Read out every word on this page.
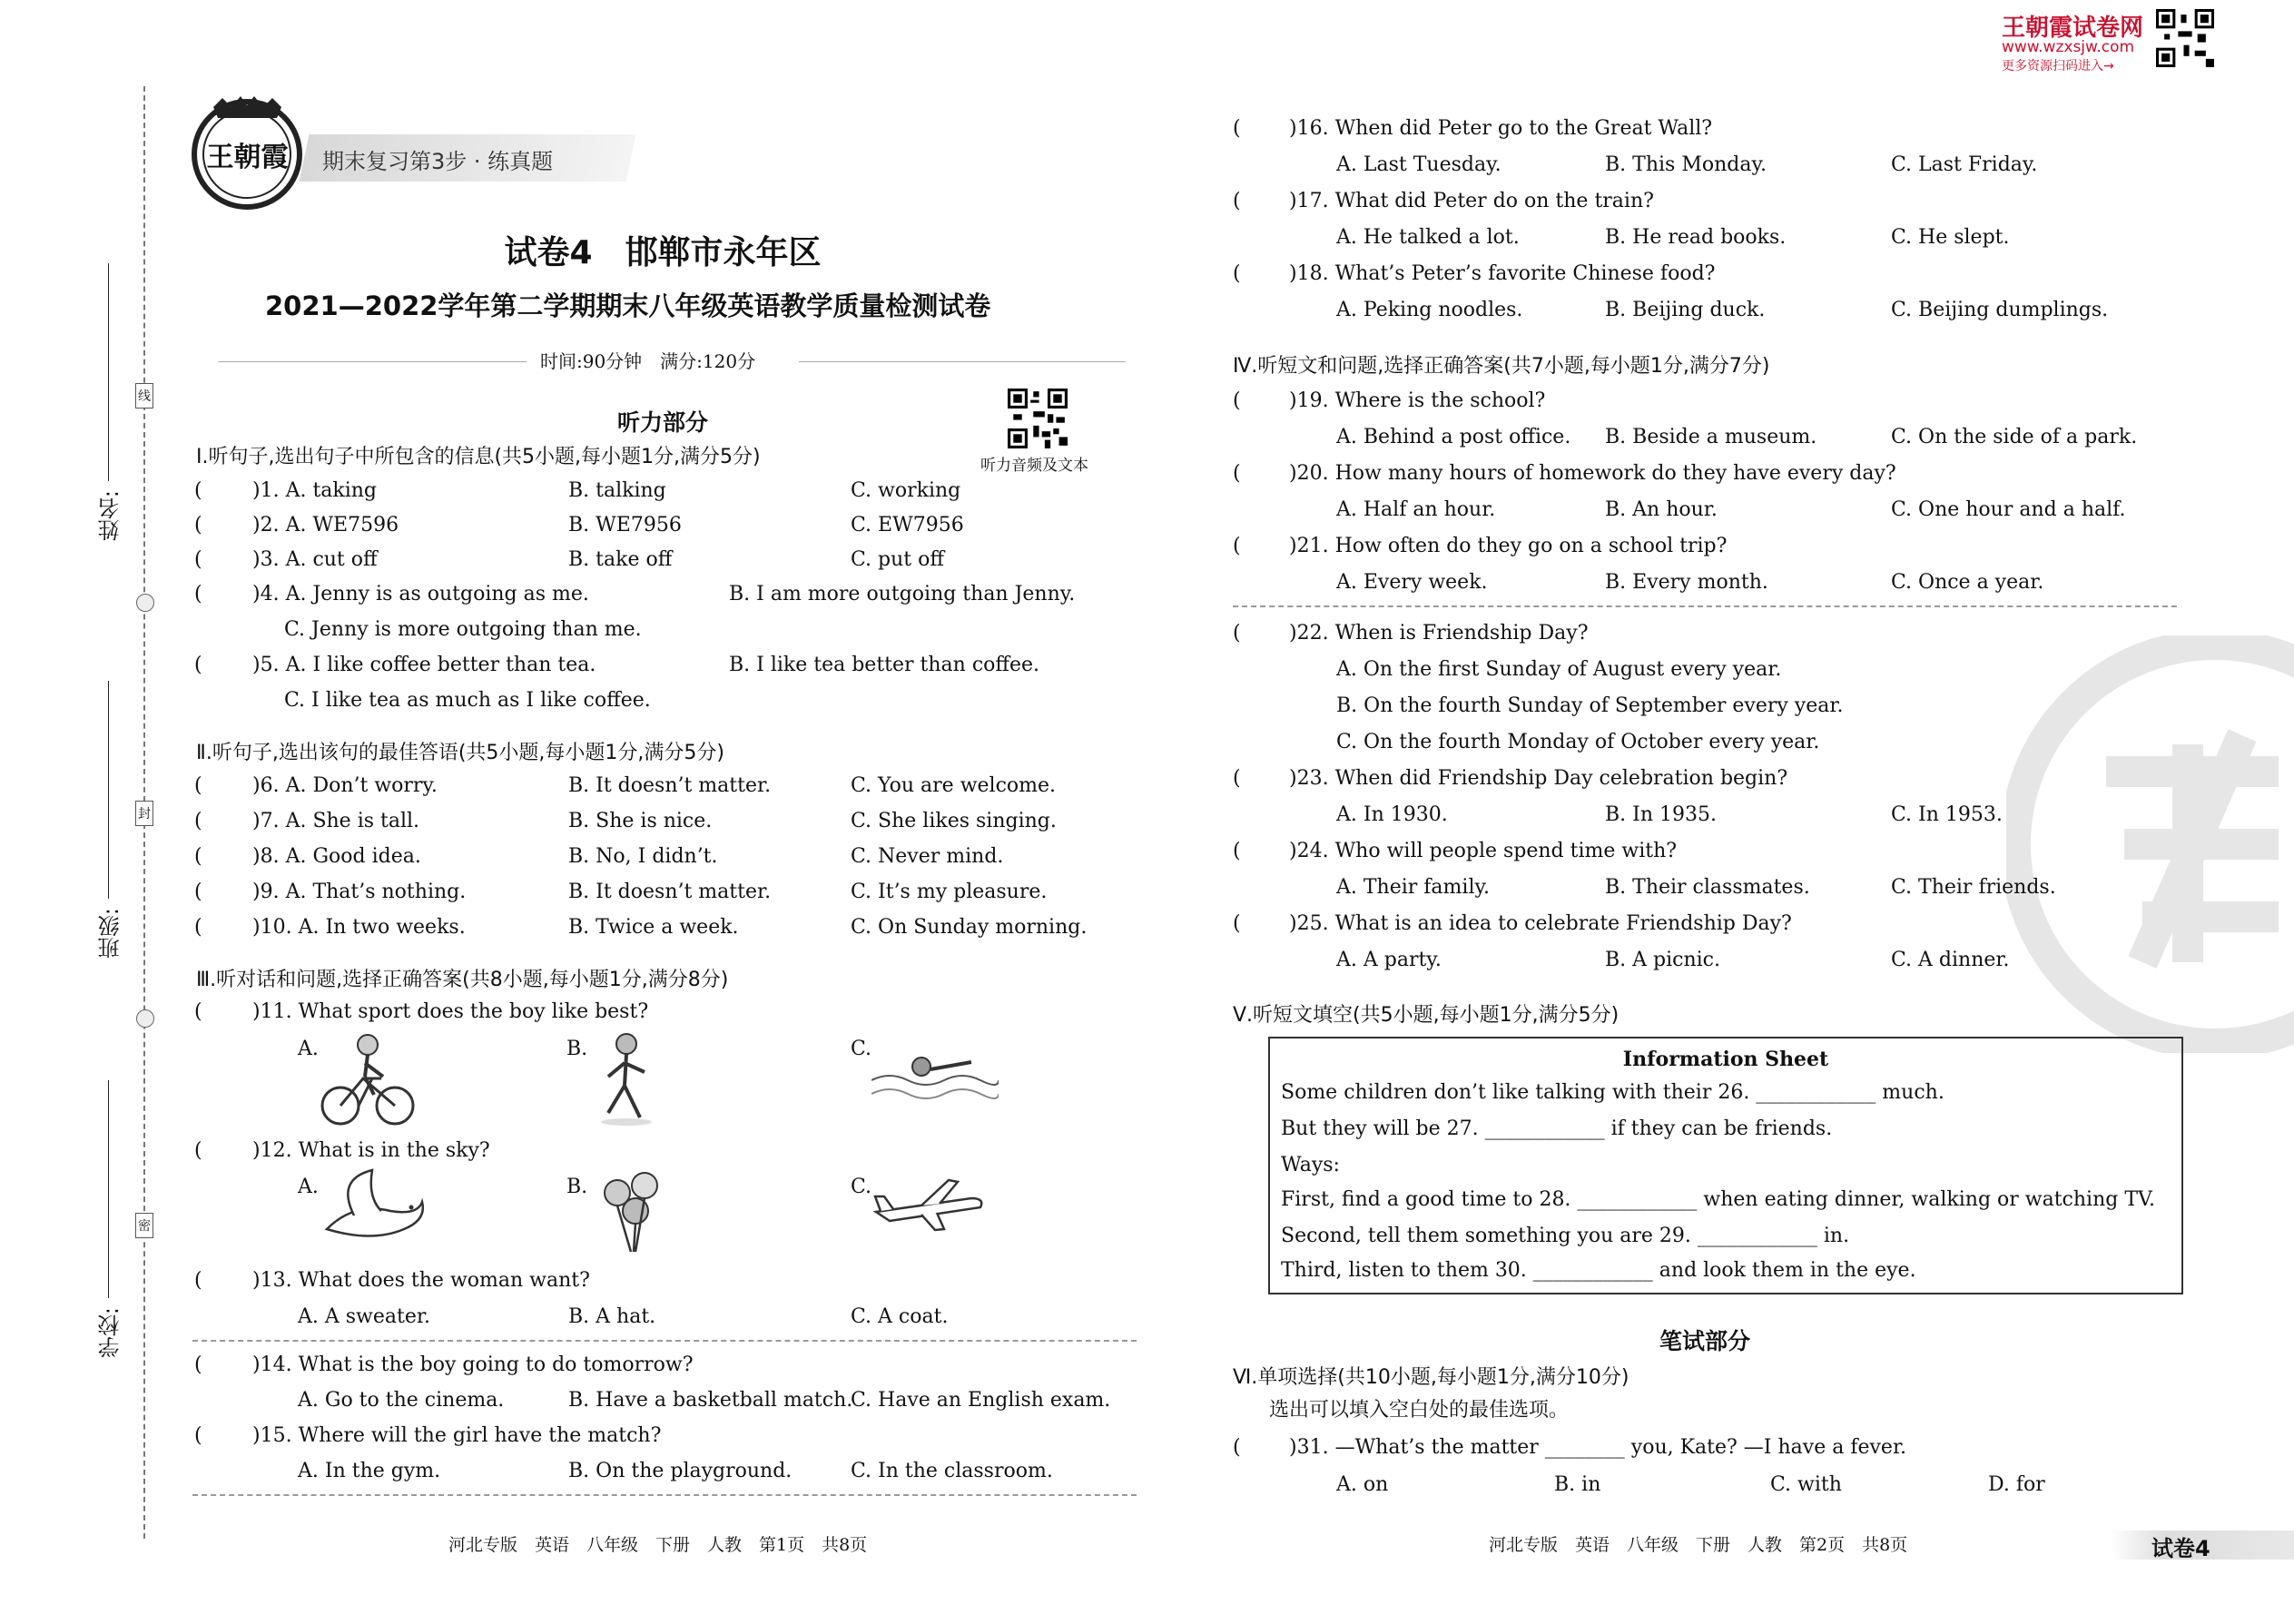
线
封
密
姓名:
班级:
学校:
王朝霞	期末复习第3步 · 练真题
试卷4　邯郸市永年区
2021—2022学年第二学期期末八年级英语教学质量检测试卷
时间:90分钟　满分:120分
听力部分
听力音频及文本
Ⅰ.听句子,选出句子中所包含的信息(共5小题,每小题1分,满分5分)
(	)1. A. taking	B. talking	C. working
(	)2. A. WE7596	B. WE7956	C. EW7956
(	)3. A. cut off	B. take off	C. put off
(	)4. A. Jenny is as outgoing as me.	B. I am more outgoing than Jenny.
C. Jenny is more outgoing than me.
(	)5. A. I like coffee better than tea.	B. I like tea better than coffee.
C. I like tea as much as I like coffee.
Ⅱ.听句子,选出该句的最佳答语(共5小题,每小题1分,满分5分)
(	)6. A. Don’t worry.	B. It doesn’t matter.	C. You are welcome.
(	)7. A. She is tall.	B. She is nice.	C. She likes singing.
(	)8. A. Good idea.	B. No, I didn’t.	C. Never mind.
(	)9. A. That’s nothing.	B. It doesn’t matter.	C. It’s my pleasure.
(	)10. A. In two weeks.	B. Twice a week.	C. On Sunday morning.
Ⅲ.听对话和问题,选择正确答案(共8小题,每小题1分,满分8分)
(	)11. What sport does the boy like best?
A.	B.	C.
(	)12. What is in the sky?
A.	B.	C.
(	)13. What does the woman want?
A. A sweater.	B. A hat.	C. A coat.
(	)14. What is the boy going to do tomorrow?
A. Go to the cinema.	B. Have a basketball match.
C. Have an English exam.
(	)15. Where will the girl have the match?
A. In the gym.	B. On the playground.	C. In the classroom.
河北专版　英语　八年级　下册　人教　第1页　共8页
王朝霞试卷网
www.wzxsjw.com
更多资源扫码进入→
( )16. When did Peter go to the Great Wall?
A. Last Tuesday.	B. This Monday.	C. Last Friday.
( )17. What did Peter do on the train?
A. He talked a lot.	B. He read books.	C. He slept.
( )18. What’s Peter’s favorite Chinese food?
A. Peking noodles.	B. Beijing duck.	C. Beijing dumplings.
Ⅳ.听短文和问题,选择正确答案(共7小题,每小题1分,满分7分)
( )19. Where is the school?
A. Behind a post office. B. Beside a museum.	C. On the side of a park.
( )20. How many hours of homework do they have every day?
A. Half an hour.	B. An hour.	C. One hour and a half.
( )21. How often do they go on a school trip?
A. Every week.	B. Every month.	C. Once a year.
( )22. When is Friendship Day?
A. On the first Sunday of August every year.
B. On the fourth Sunday of September every year.
C. On the fourth Monday of October every year.
( )23. When did Friendship Day celebration begin?
A. In 1930.	B. In 1935.	C. In 1953.
( )24. Who will people spend time with?
A. Their family.	B. Their classmates.	C. Their friends.
( )25. What is an idea to celebrate Friendship Day?
A. A party.	B. A picnic.	C. A dinner.
Ⅴ.听短文填空(共5小题,每小题1分,满分5分)
Information Sheet
Some children don’t like talking with their 26. ____________ much.
But they will be 27. ____________ if they can be friends.
Ways:
First, find a good time to 28. ____________ when eating dinner, walking or watching TV.
Second, tell them something you are 29. ____________ in.
Third, listen to them 30. ____________ and look them in the eye.
笔试部分
Ⅵ.单项选择(共10小题,每小题1分,满分10分)
选出可以填入空白处的最佳选项。
( )31. —What’s the matter ________ you, Kate? —I have a fever.
A. on	B. in	C. with	D. for
河北专版　英语　八年级　下册　人教　第2页　共8页	试卷4
